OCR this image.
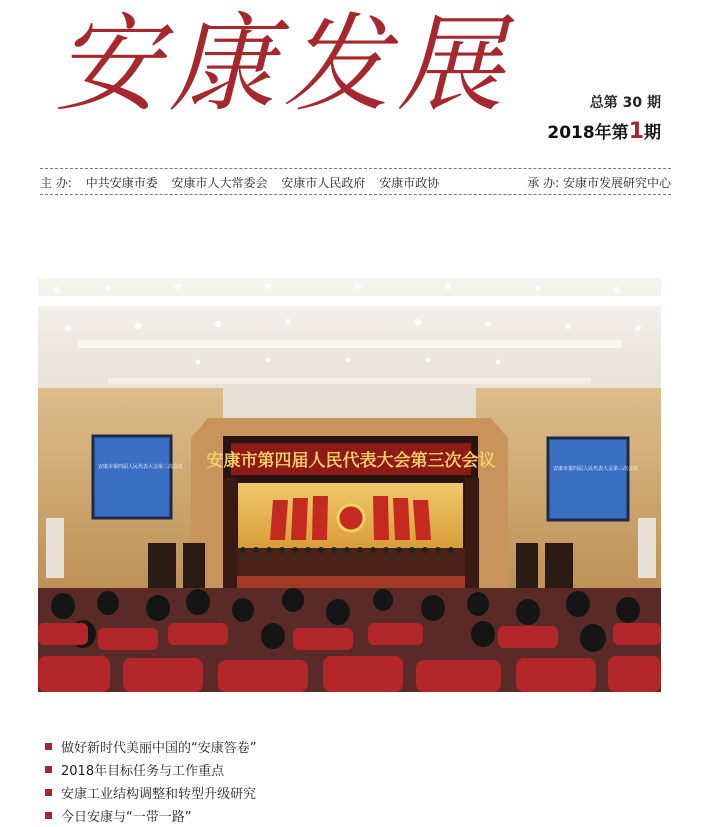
安康发展	总第 30 期
2018年第1期
主 办: 中共安康市委 安康市人大常委会 安康市人民政府 安康市政协	承 办: 安康市发展研究中心
安康市第四届人民代表大会第三次会议	安康市第四届人民代表大会第三次会议
安康市第四届人民代表大会第三次会议
做好新时代美丽中国的“安康答卷”
2018年目标任务与工作重点
安康工业结构调整和转型升级研究
今日安康与“一带一路”
